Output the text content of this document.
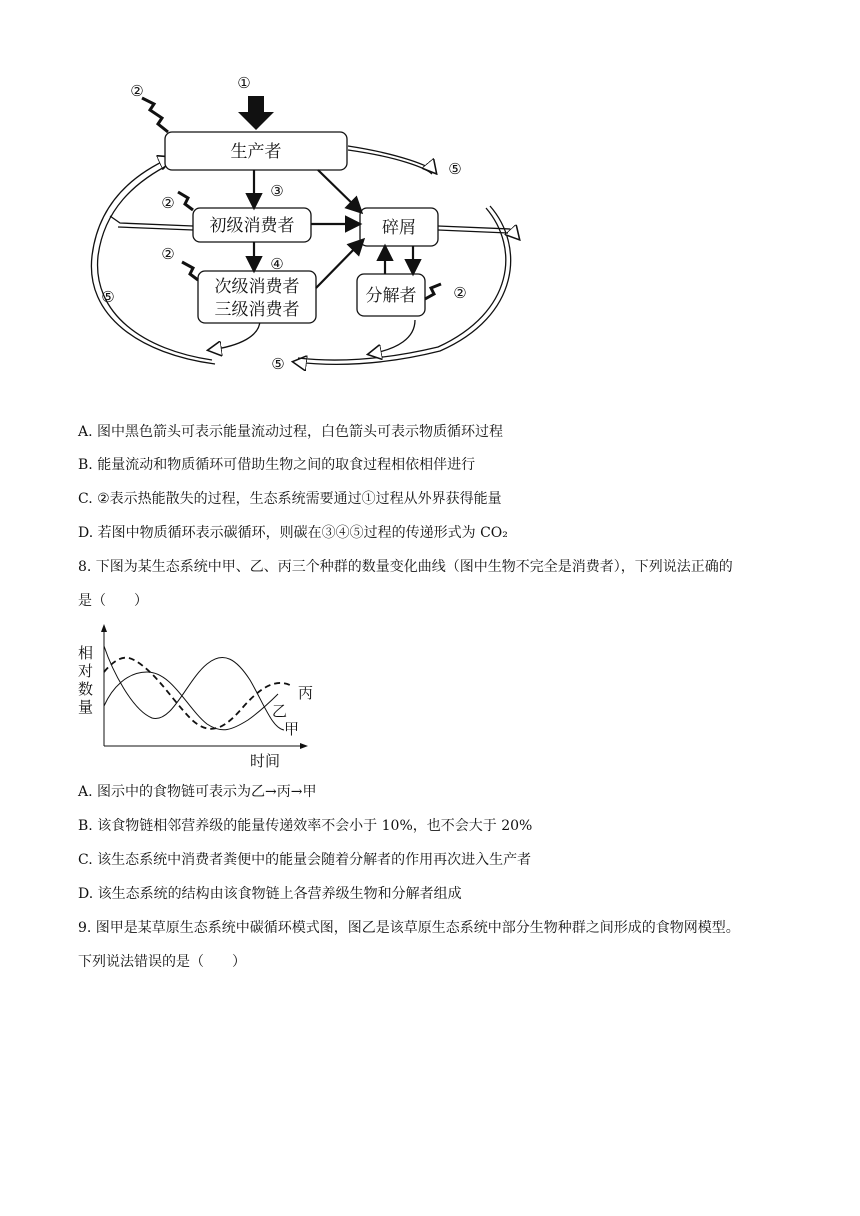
生产者
初级消费者
次级消费者
三级消费者
碎屑
分解者
①
③
④
②
②
②
②
⑤
⑤
⑤
A. 图中黑色箭头可表示能量流动过程，白色箭头可表示物质循环过程
B. 能量流动和物质循环可借助生物之间的取食过程相依相伴进行
C. ②表示热能散失的过程，生态系统需要通过①过程从外界获得能量
D. 若图中物质循环表示碳循环，则碳在③④⑤过程的传递形式为 CO₂
8. 下图为某生态系统中甲、乙、丙三个种群的数量变化曲线（图中生物不完全是消费者），下列说法正确的
是（　　）
相
对
数
量
时间
丙
乙
甲
A. 图示中的食物链可表示为乙→丙→甲
B. 该食物链相邻营养级的能量传递效率不会小于 10%，也不会大于 20%
C. 该生态系统中消费者粪便中的能量会随着分解者的作用再次进入生产者
D. 该生态系统的结构由该食物链上各营养级生物和分解者组成
9. 图甲是某草原生态系统中碳循环模式图，图乙是该草原生态系统中部分生物种群之间形成的食物网模型。
下列说法错误的是（　　）
